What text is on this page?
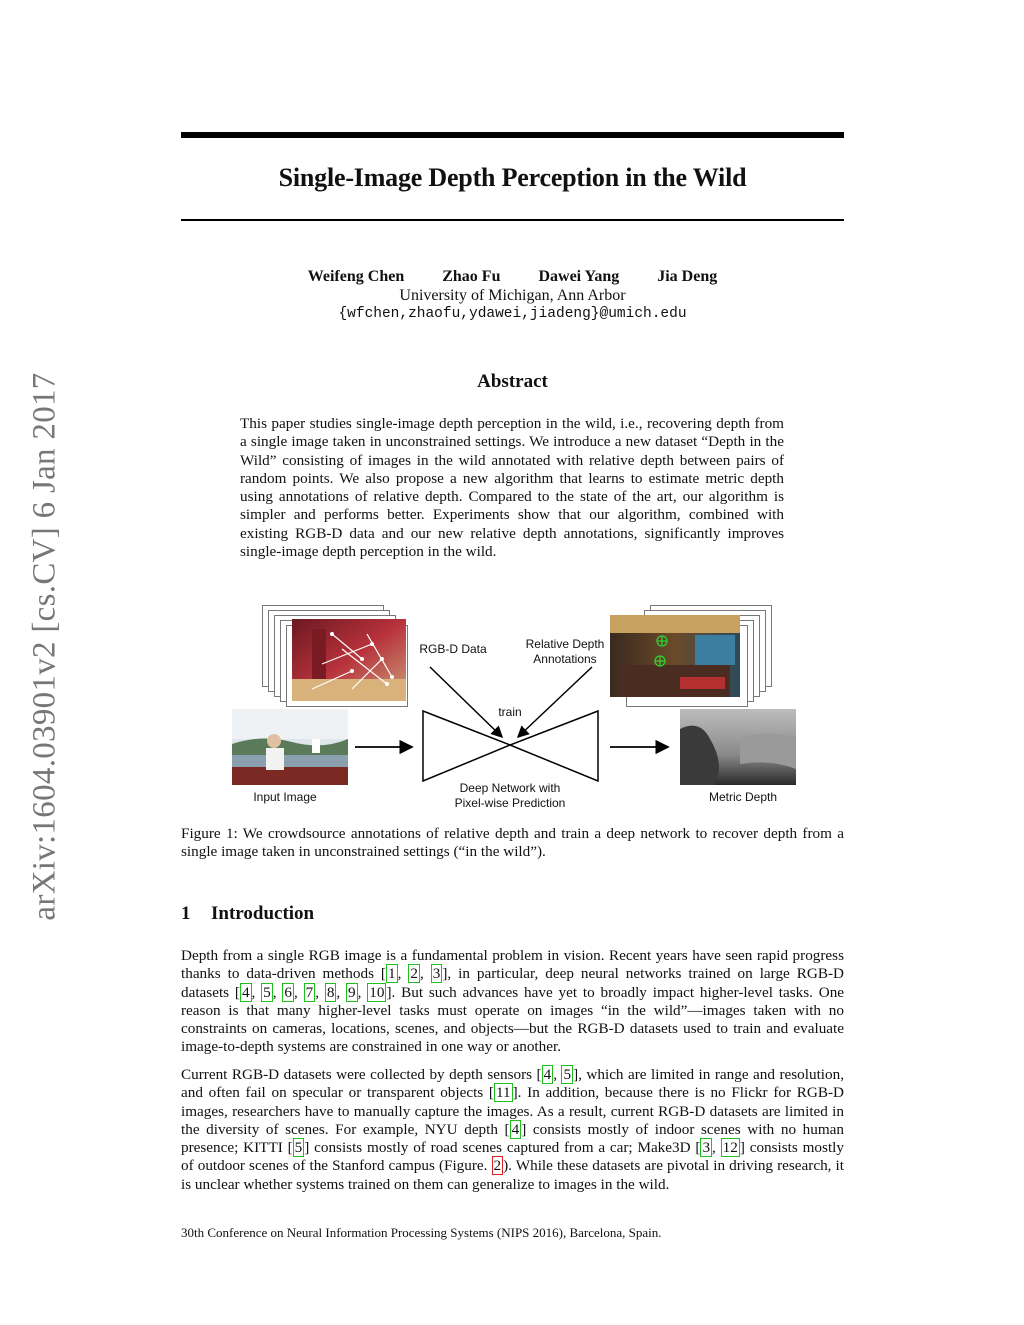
arXiv:1604.03901v2 [cs.CV] 6 Jan 2017
Single-Image Depth Perception in the Wild
Weifeng Chen Zhao Fu Dawei Yang Jia Deng
University of Michigan, Ann Arbor
{wfchen,zhaofu,ydawei,jiadeng}@umich.edu
Abstract
This paper studies single-image depth perception in the wild, i.e., recovering depth from a single image taken in unconstrained settings. We introduce a new dataset “Depth in the Wild” consisting of images in the wild annotated with relative depth between pairs of random points. We also propose a new algorithm that learns to estimate metric depth using annotations of relative depth. Compared to the state of the art, our algorithm is simpler and performs better. Experiments show that our algorithm, combined with existing RGB-D data and our new relative depth annotations, significantly improves single-image depth perception in the wild.
RGB-D Data	Relative Depth
Annotations
train
Input Image
Deep Network with
Pixel-wise Prediction	Metric Depth
Figure 1: We crowdsource annotations of relative depth and train a deep network to recover depth from a single image taken in unconstrained settings (“in the wild”).
1 Introduction
Depth from a single RGB image is a fundamental problem in vision. Recent years have seen rapid progress thanks to data-driven methods [ 1 , 2 , 3 ], in particular, deep neural networks trained on large RGB-D datasets [ 4 , 5 , 6 , 7 , 8 , 9 , 10 ]. But such advances have yet to broadly impact higher-level tasks. One reason is that many higher-level tasks must operate on images “in the wild”—images taken with no constraints on cameras, locations, scenes, and objects—but the RGB-D datasets used to train and evaluate image-to-depth systems are constrained in one way or another.
Current RGB-D datasets were collected by depth sensors [ 4 , 5 ], which are limited in range and resolution, and often fail on specular or transparent objects [ 11 ]. In addition, because there is no Flickr for RGB-D images, researchers have to manually capture the images. As a result, current RGB-D datasets are limited in the diversity of scenes. For example, NYU depth [ 4 ] consists mostly of indoor scenes with no human presence; KITTI [ 5 ] consists mostly of road scenes captured from a car; Make3D [ 3 , 12 ] consists mostly of outdoor scenes of the Stanford campus (Figure. 2 ). While these datasets are pivotal in driving research, it is unclear whether systems trained on them can generalize to images in the wild.
30th Conference on Neural Information Processing Systems (NIPS 2016), Barcelona, Spain.
